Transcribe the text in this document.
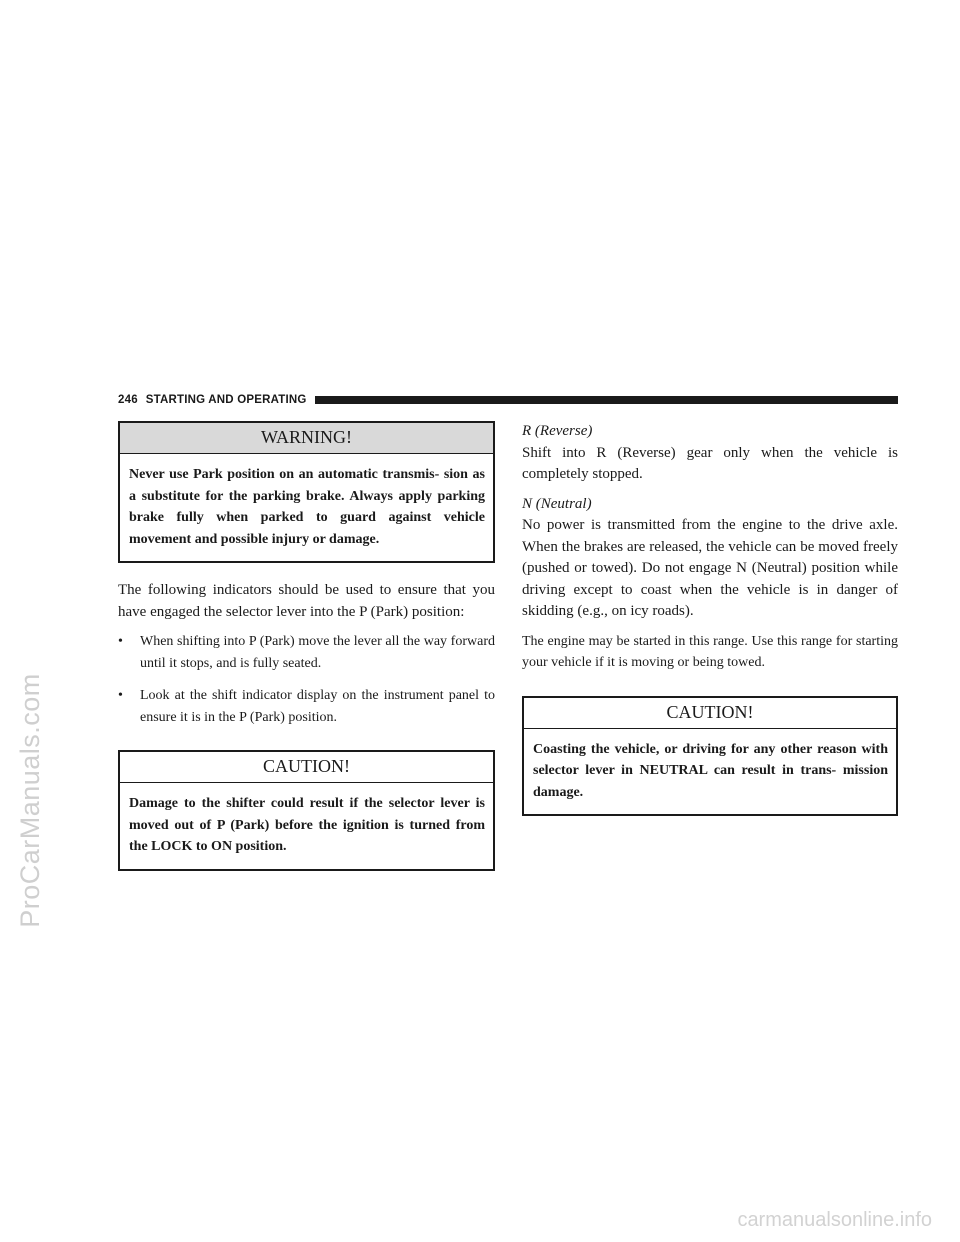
ProCarManuals.com
246 STARTING AND OPERATING
WARNING!
Never use Park position on an automatic transmis- sion as a substitute for the parking brake. Always apply parking brake fully when parked to guard against vehicle movement and possible injury or damage.

The following indicators should be used to ensure that you have engaged the selector lever into the P (Park) position:

• When shifting into P (Park) move the lever all the way forward until it stops, and is fully seated.
• Look at the shift indicator display on the instrument panel to ensure it is in the P (Park) position.
CAUTION!
Damage to the shifter could result if the selector lever is moved out of P (Park) before the ignition is turned from the LOCK to ON position.

R (Reverse)

Shift into R (Reverse) gear only when the vehicle is completely stopped.

N (Neutral)

No power is transmitted from the engine to the drive axle. When the brakes are released, the vehicle can be moved freely (pushed or towed). Do not engage N (Neutral) position while driving except to coast when the vehicle is in danger of skidding (e.g., on icy roads).

The engine may be started in this range. Use this range for starting your vehicle if it is moving or being towed.

CAUTION!
Coasting the vehicle, or driving for any other reason with selector lever in NEUTRAL can result in trans- mission damage.
carmanualsonline.info
